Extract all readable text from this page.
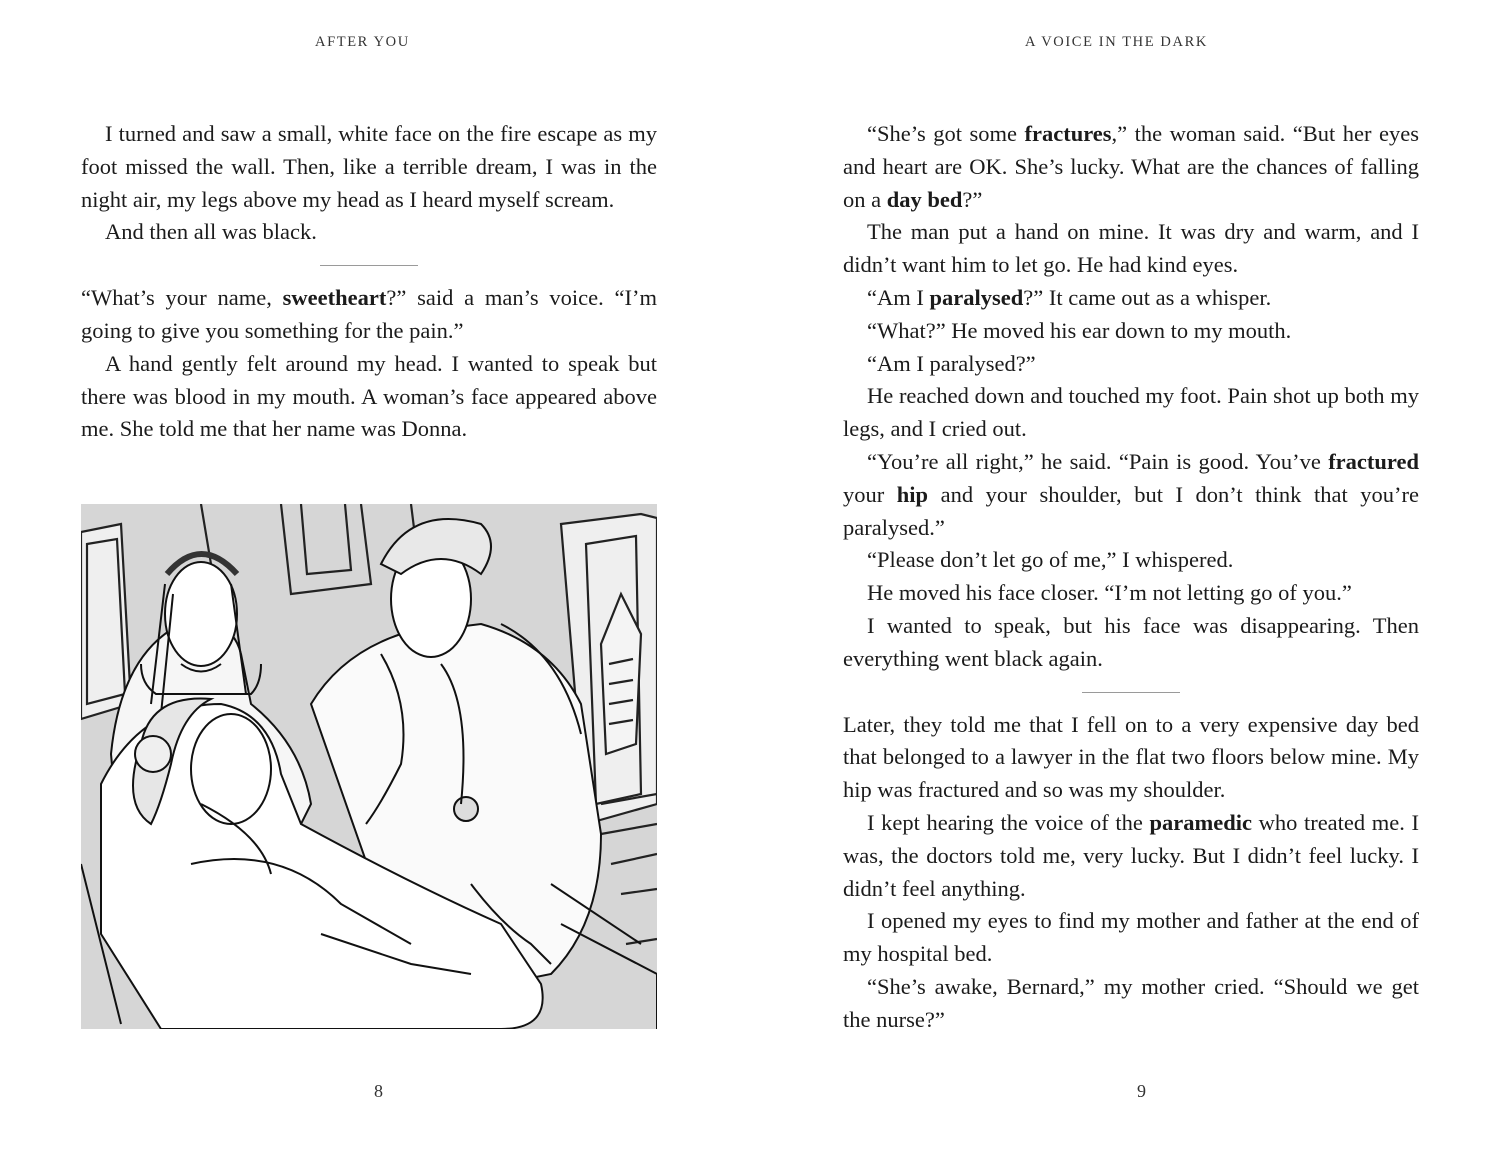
AFTER YOU

I turned and saw a small, white face on the fire escape as my foot missed the wall. Then, like a terrible dream, I was in the night air, my legs above my head as I heard myself scream.

And then all was black.

“What’s your name, sweetheart?” said a man’s voice. “I’m going to give you something for the pain.”

A hand gently felt around my head. I wanted to speak but there was blood in my mouth. A woman’s face appeared above me. She told me that her name was Donna.

8
A VOICE IN THE DARK

“She’s got some fractures,” the woman said. “But her eyes and heart are OK. She’s lucky. What are the chances of falling on a day bed?”

The man put a hand on mine. It was dry and warm, and I didn’t want him to let go. He had kind eyes.

“Am I paralysed?” It came out as a whisper.

“What?” He moved his ear down to my mouth.

“Am I paralysed?”

He reached down and touched my foot. Pain shot up both my legs, and I cried out.

“You’re all right,” he said. “Pain is good. You’ve fractured your hip and your shoulder, but I don’t think that you’re paralysed.”

“Please don’t let go of me,” I whispered.

He moved his face closer. “I’m not letting go of you.”

I wanted to speak, but his face was disappearing. Then everything went black again.

Later, they told me that I fell on to a very expensive day bed that belonged to a lawyer in the flat two floors below mine. My hip was fractured and so was my shoulder.

I kept hearing the voice of the paramedic who treated me. I was, the doctors told me, very lucky. But I didn’t feel lucky. I didn’t feel anything.

I opened my eyes to find my mother and father at the end of my hospital bed.

“She’s awake, Bernard,” my mother cried. “Should we get the nurse?”

9
